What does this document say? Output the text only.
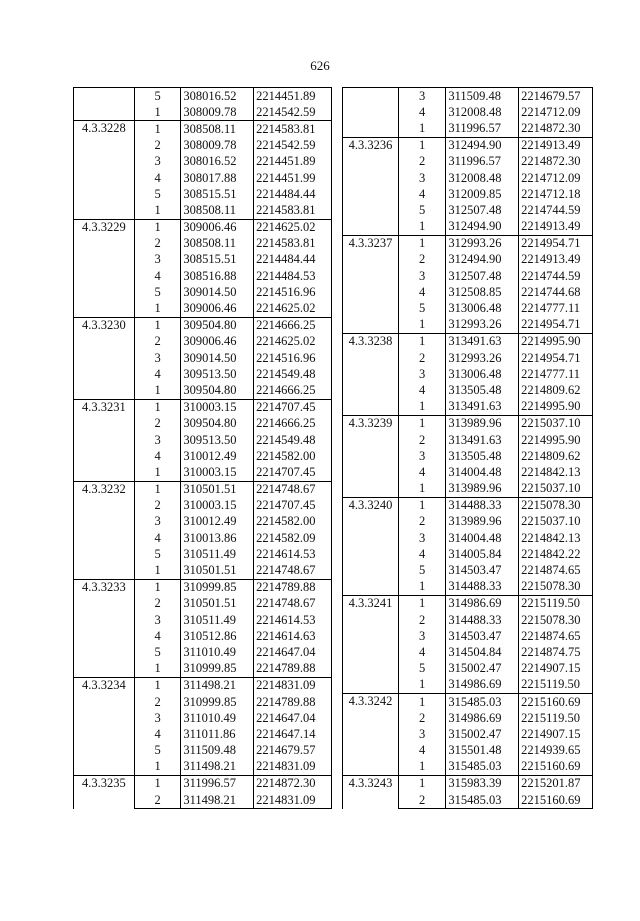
626
	5	308016.52	2214451.89
	1	308009.78	2214542.59
4.3.3228	1	308508.11	2214583.81
	2	308009.78	2214542.59
	3	308016.52	2214451.89
	4	308017.88	2214451.99
	5	308515.51	2214484.44
	1	308508.11	2214583.81
4.3.3229	1	309006.46	2214625.02
	2	308508.11	2214583.81
	3	308515.51	2214484.44
	4	308516.88	2214484.53
	5	309014.50	2214516.96
	1	309006.46	2214625.02
4.3.3230	1	309504.80	2214666.25
	2	309006.46	2214625.02
	3	309014.50	2214516.96
	4	309513.50	2214549.48
	1	309504.80	2214666.25
4.3.3231	1	310003.15	2214707.45
	2	309504.80	2214666.25
	3	309513.50	2214549.48
	4	310012.49	2214582.00
	1	310003.15	2214707.45
4.3.3232	1	310501.51	2214748.67
	2	310003.15	2214707.45
	3	310012.49	2214582.00
	4	310013.86	2214582.09
	5	310511.49	2214614.53
	1	310501.51	2214748.67
4.3.3233	1	310999.85	2214789.88
	2	310501.51	2214748.67
	3	310511.49	2214614.53
	4	310512.86	2214614.63
	5	311010.49	2214647.04
	1	310999.85	2214789.88
4.3.3234	1	311498.21	2214831.09
	2	310999.85	2214789.88
	3	311010.49	2214647.04
	4	311011.86	2214647.14
	5	311509.48	2214679.57
	1	311498.21	2214831.09
4.3.3235	1	311996.57	2214872.30
	2	311498.21	2214831.09
	3	311509.48	2214679.57
	4	312008.48	2214712.09
	1	311996.57	2214872.30
4.3.3236	1	312494.90	2214913.49
	2	311996.57	2214872.30
	3	312008.48	2214712.09
	4	312009.85	2214712.18
	5	312507.48	2214744.59
	1	312494.90	2214913.49
4.3.3237	1	312993.26	2214954.71
	2	312494.90	2214913.49
	3	312507.48	2214744.59
	4	312508.85	2214744.68
	5	313006.48	2214777.11
	1	312993.26	2214954.71
4.3.3238	1	313491.63	2214995.90
	2	312993.26	2214954.71
	3	313006.48	2214777.11
	4	313505.48	2214809.62
	1	313491.63	2214995.90
4.3.3239	1	313989.96	2215037.10
	2	313491.63	2214995.90
	3	313505.48	2214809.62
	4	314004.48	2214842.13
	1	313989.96	2215037.10
4.3.3240	1	314488.33	2215078.30
	2	313989.96	2215037.10
	3	314004.48	2214842.13
	4	314005.84	2214842.22
	5	314503.47	2214874.65
	1	314488.33	2215078.30
4.3.3241	1	314986.69	2215119.50
	2	314488.33	2215078.30
	3	314503.47	2214874.65
	4	314504.84	2214874.75
	5	315002.47	2214907.15
	1	314986.69	2215119.50
4.3.3242	1	315485.03	2215160.69
	2	314986.69	2215119.50
	3	315002.47	2214907.15
	4	315501.48	2214939.65
	1	315485.03	2215160.69
4.3.3243	1	315983.39	2215201.87
	2	315485.03	2215160.69
